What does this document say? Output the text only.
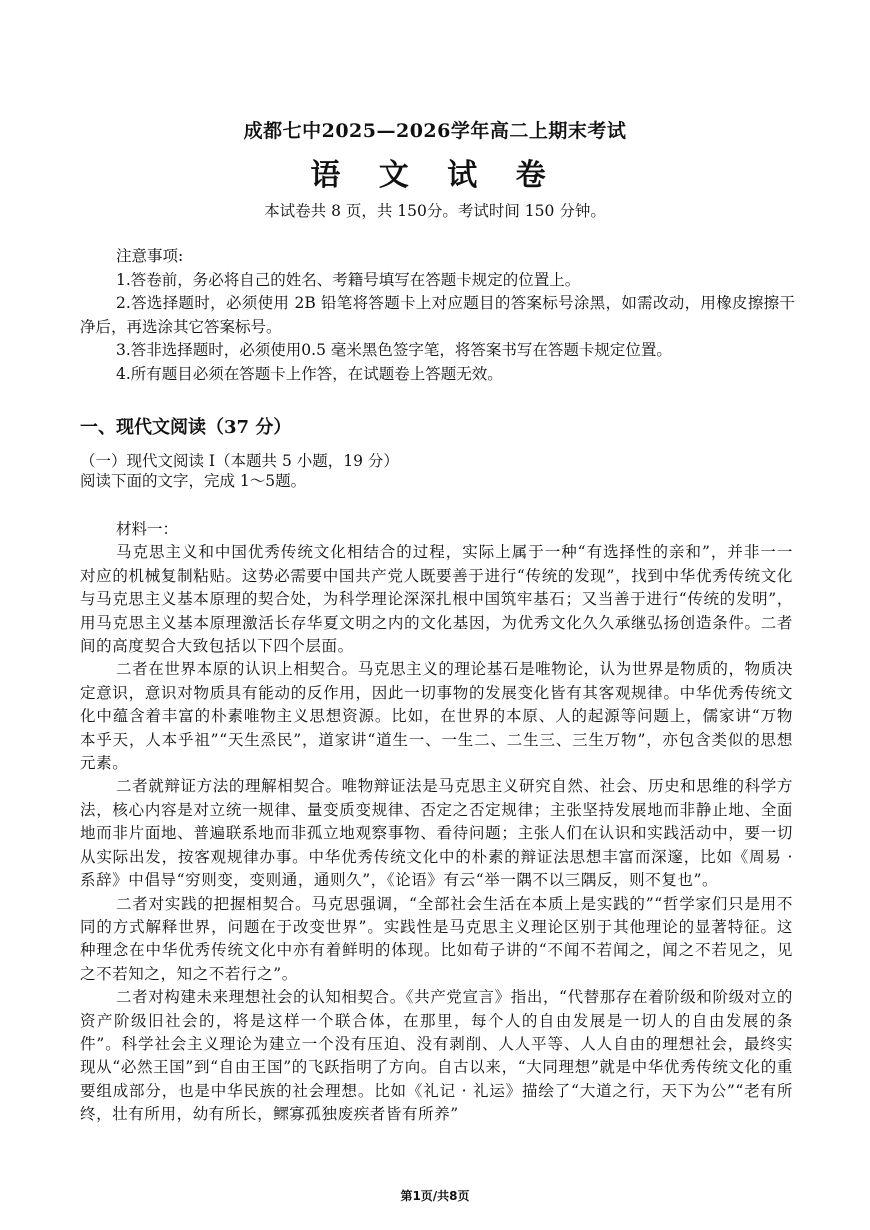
成都七中2025—2026学年高二上期末考试
语 文 试 卷
本试卷共 8 页，共 150分。考试时间 150 分钟。
注意事项:
1.答卷前，务必将自己的姓名、考籍号填写在答题卡规定的位置上。
2.答选择题时，必须使用 2B 铅笔将答题卡上对应题目的答案标号涂黑，如需改动，用橡皮擦擦干净后，再选涂其它答案标号。
3.答非选择题时，必须使用0.5 毫米黑色签字笔，将答案书写在答题卡规定位置。
4.所有题目必须在答题卡上作答，在试题卷上答题无效。
一、现代文阅读（37 分）
（一）现代文阅读 I（本题共 5 小题，19 分）
阅读下面的文字，完成 1～5题。
材料一：
马克思主义和中国优秀传统文化相结合的过程，实际上属于一种“有选择性的亲和”，并非一一对应的机械复制粘贴。这势必需要中国共产党人既要善于进行“传统的发现”，找到中华优秀传统文化与马克思主义基本原理的契合处，为科学理论深深扎根中国筑牢基石；又当善于进行“传统的发明”，用马克思主义基本原理激活长存华夏文明之内的文化基因，为优秀文化久久承继弘扬创造条件。二者间的高度契合大致包括以下四个层面。
二者在世界本原的认识上相契合。马克思主义的理论基石是唯物论，认为世界是物质的，物质决定意识，意识对物质具有能动的反作用，因此一切事物的发展变化皆有其客观规律。中华优秀传统文化中蕴含着丰富的朴素唯物主义思想资源。比如，在世界的本原、人的起源等问题上，儒家讲“万物本乎天，人本乎祖”“天生烝民”，道家讲“道生一、一生二、二生三、三生万物”，亦包含类似的思想元素。
二者就辩证方法的理解相契合。唯物辩证法是马克思主义研究自然、社会、历史和思维的科学方法，核心内容是对立统一规律、量变质变规律、否定之否定规律；主张坚持发展地而非静止地、全面地而非片面地、普遍联系地而非孤立地观察事物、看待问题；主张人们在认识和实践活动中，要一切从实际出发，按客观规律办事。中华优秀传统文化中的朴素的辩证法思想丰富而深邃，比如《周易 · 系辞》中倡导“穷则变，变则通，通则久”，《论语》有云“举一隅不以三隅反，则不复也”。
二者对实践的把握相契合。马克思强调，“全部社会生活在本质上是实践的”“哲学家们只是用不同的方式解释世界，问题在于改变世界”。实践性是马克思主义理论区别于其他理论的显著特征。这种理念在中华优秀传统文化中亦有着鲜明的体现。比如荀子讲的“不闻不若闻之，闻之不若见之，见之不若知之，知之不若行之”。
二者对构建未来理想社会的认知相契合。《共产党宣言》指出，“代替那存在着阶级和阶级对立的资产阶级旧社会的，将是这样一个联合体，在那里，每个人的自由发展是一切人的自由发展的条件”。科学社会主义理论为建立一个没有压迫、没有剥削、人人平等、人人自由的理想社会，最终实现从“必然王国”到“自由王国”的飞跃指明了方向。自古以来，“大同理想”就是中华优秀传统文化的重要组成部分，也是中华民族的社会理想。比如《礼记 · 礼运》描绘了“大道之行，天下为公”“老有所终，壮有所用，幼有所长，鳏寡孤独废疾者皆有所养”
第1页/共8页
